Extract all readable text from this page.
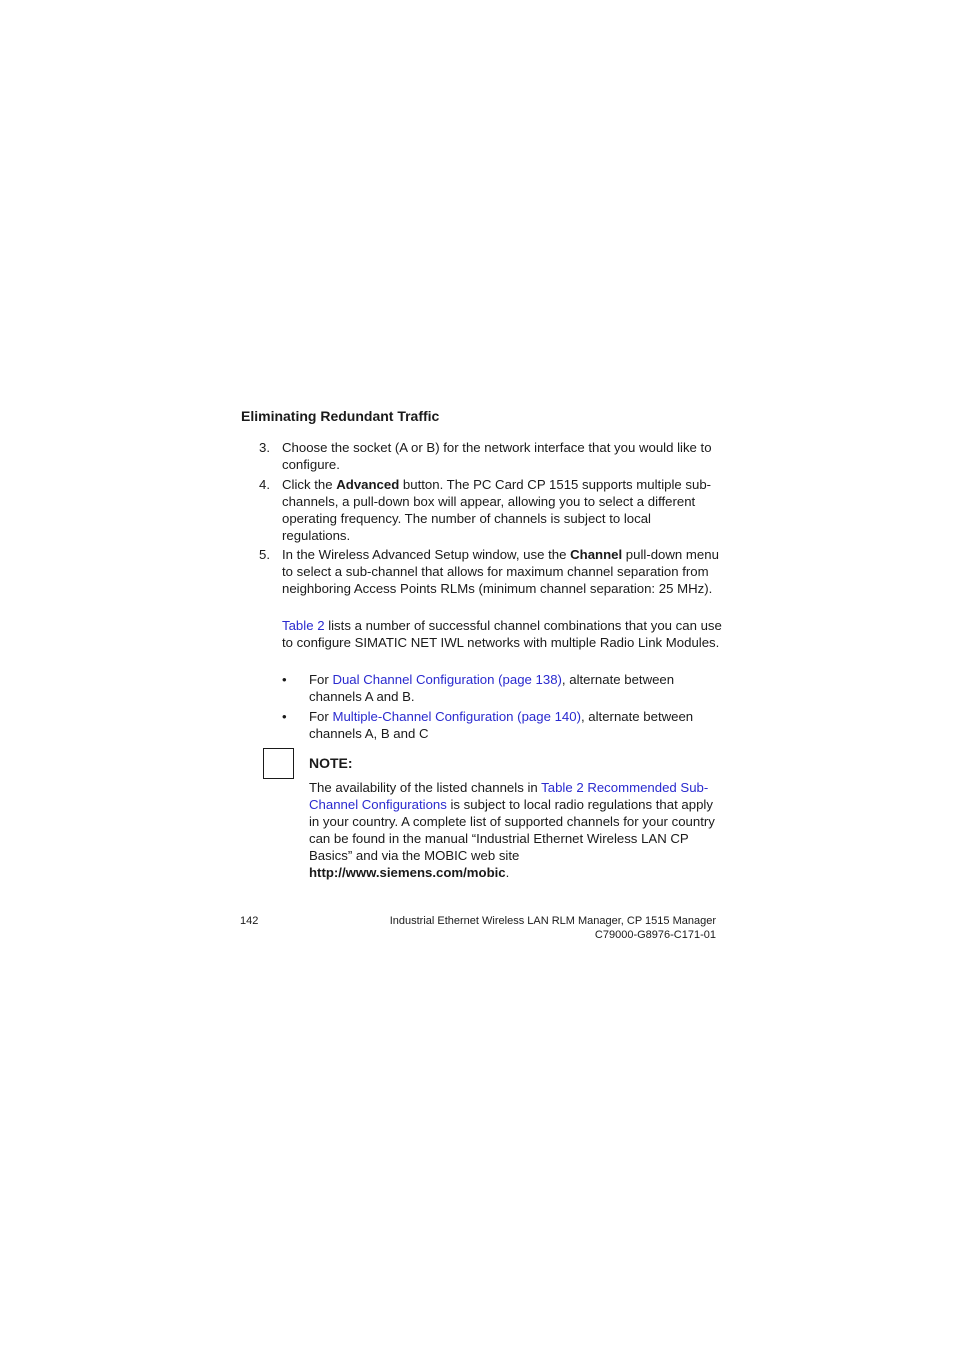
Eliminating Redundant Traffic
3. Choose the socket (A or B) for the network interface that you would like to configure.
4. Click the Advanced button. The PC Card CP 1515 supports multiple sub-channels, a pull-down box will appear, allowing you to select a different operating frequency. The number of channels is subject to local regulations.
5. In the Wireless Advanced Setup window, use the Channel pull-down menu to select a sub-channel that allows for maximum channel separation from neighboring Access Points RLMs (minimum channel separation: 25 MHz).
Table 2 lists a number of successful channel combinations that you can use to configure SIMATIC NET IWL networks with multiple Radio Link Modules.
• For Dual Channel Configuration (page 138), alternate between channels A and B.
• For Multiple-Channel Configuration (page 140), alternate between channels A, B and C
NOTE:
The availability of the listed channels in Table 2 Recommended Sub-Channel Configurations is subject to local radio regulations that apply in your country. A complete list of supported channels for your country can be found in the manual “Industrial Ethernet Wireless LAN CP Basics” and via the MOBIC web site http://www.siemens.com/mobic.
142	Industrial Ethernet Wireless LAN RLM Manager, CP 1515 Manager
C79000-G8976-C171-01
